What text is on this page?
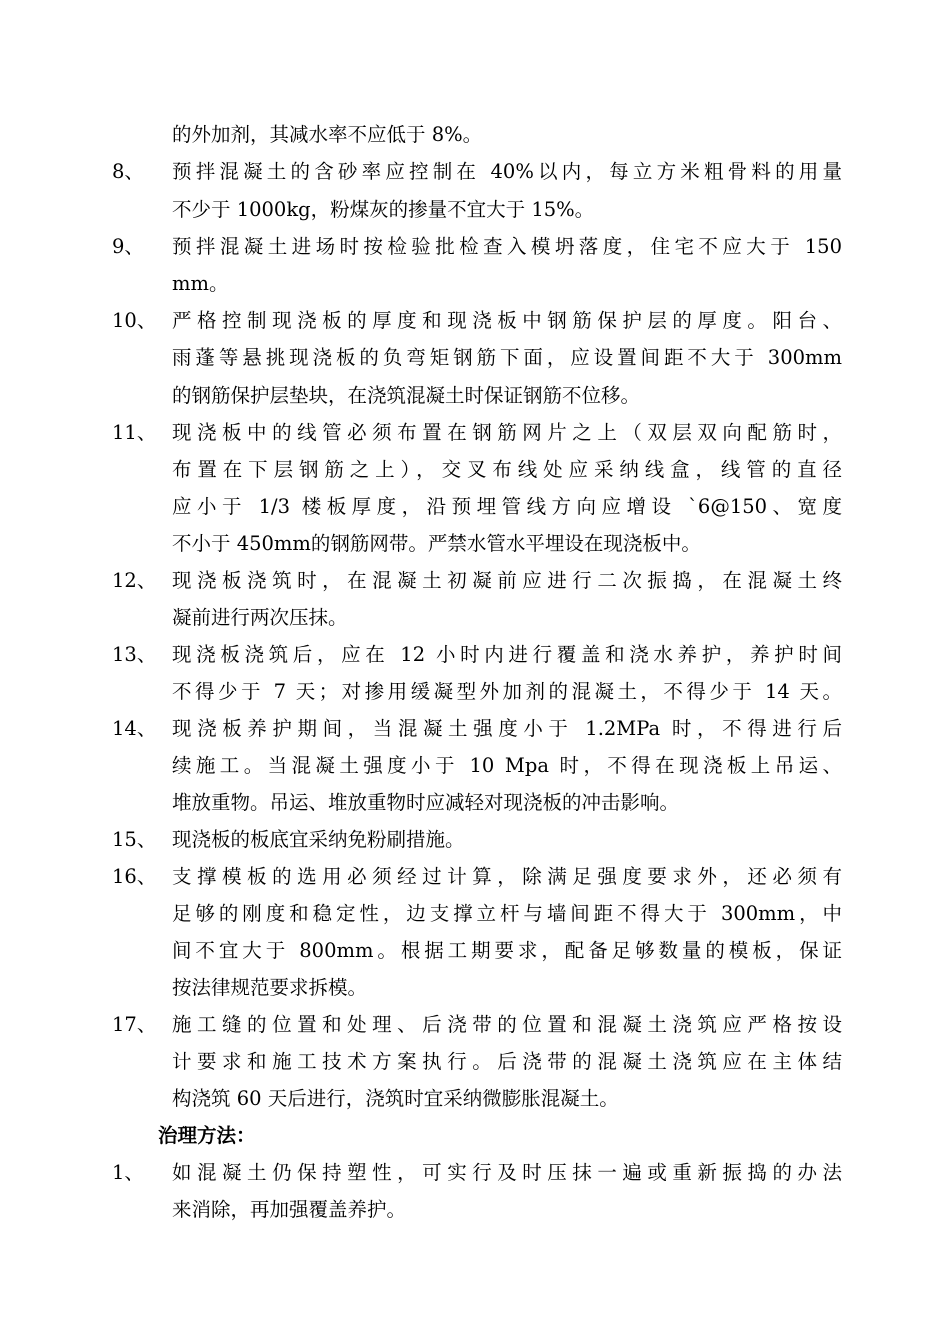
的外加剂，其减水率不应低于 8%。
8、 预拌混凝土的含砂率应控制在 40%以内，每立方米粗骨料的用量
不少于 1000kg，粉煤灰的掺量不宜大于 15%。
9、 预拌混凝土进场时按检验批检查入模坍落度，住宅不应大于 150
mm。
10、 严格控制现浇板的厚度和现浇板中钢筋保护层的厚度。阳台、
雨蓬等悬挑现浇板的负弯矩钢筋下面，应设置间距不大于 300mm
的钢筋保护层垫块，在浇筑混凝土时保证钢筋不位移。
11、 现浇板中的线管必须布置在钢筋网片之上（双层双向配筋时，
布置在下层钢筋之上），交叉布线处应采纳线盒，线管的直径
应小于 1/3 楼板厚度，沿预埋管线方向应增设 `6@150、宽度
不小于 450mm的钢筋网带。严禁水管水平埋设在现浇板中。
12、 现浇板浇筑时，在混凝土初凝前应进行二次振捣，在混凝土终
凝前进行两次压抹。
13、 现浇板浇筑后，应在 12 小时内进行覆盖和浇水养护，养护时间
不得少于 7 天；对掺用缓凝型外加剂的混凝土，不得少于 14 天。
14、 现浇板养护期间，当混凝土强度小于 1.2MPa 时，不得进行后
续施工。当混凝土强度小于 10 Mpa 时，不得在现浇板上吊运、
堆放重物。吊运、堆放重物时应减轻对现浇板的冲击影响。
15、 现浇板的板底宜采纳免粉刷措施。
16、 支撑模板的选用必须经过计算，除满足强度要求外，还必须有
足够的刚度和稳定性，边支撑立杆与墙间距不得大于 300mm，中
间不宜大于 800mm。根据工期要求，配备足够数量的模板，保证
按法律规范要求拆模。
17、 施工缝的位置和处理、后浇带的位置和混凝土浇筑应严格按设
计要求和施工技术方案执行。后浇带的混凝土浇筑应在主体结
构浇筑 60 天后进行，浇筑时宜采纳微膨胀混凝土。
治理方法：
1、 如混凝土仍保持塑性，可实行及时压抹一遍或重新振捣的办法
来消除，再加强覆盖养护。
